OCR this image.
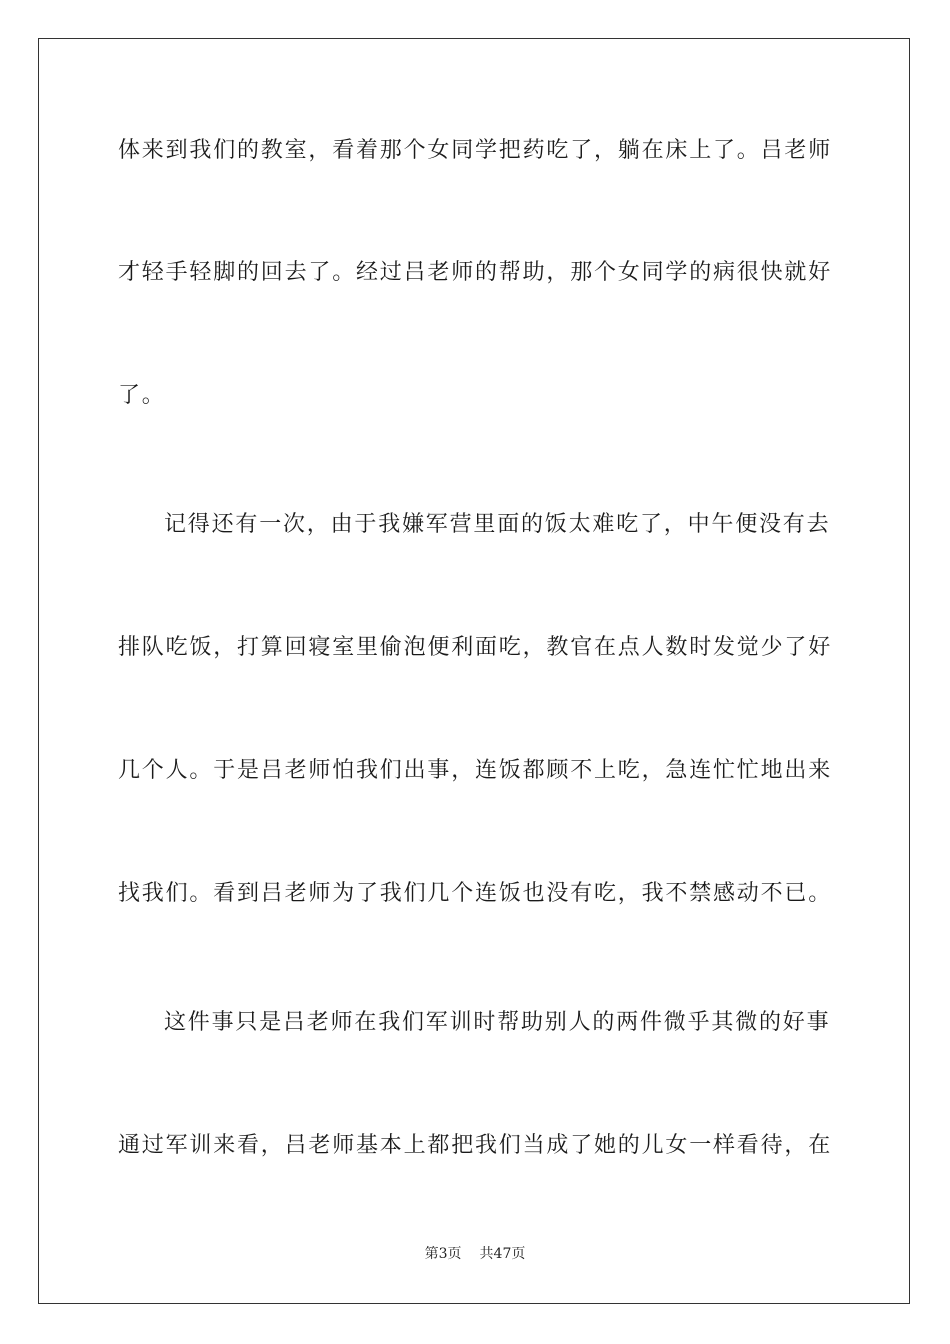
体来到我们的教室，看着那个女同学把药吃了，躺在床上了。吕老师
才轻手轻脚的回去了。经过吕老师的帮助，那个女同学的病很快就好
了。
记得还有一次，由于我嫌军营里面的饭太难吃了，中午便没有去
排队吃饭，打算回寝室里偷泡便利面吃，教官在点人数时发觉少了好
几个人。于是吕老师怕我们出事，连饭都顾不上吃，急连忙忙地出来
找我们。看到吕老师为了我们几个连饭也没有吃，我不禁感动不已。
这件事只是吕老师在我们军训时帮助别人的两件微乎其微的好事
通过军训来看，吕老师基本上都把我们当成了她的儿女一样看待，在
第3页 共47页
